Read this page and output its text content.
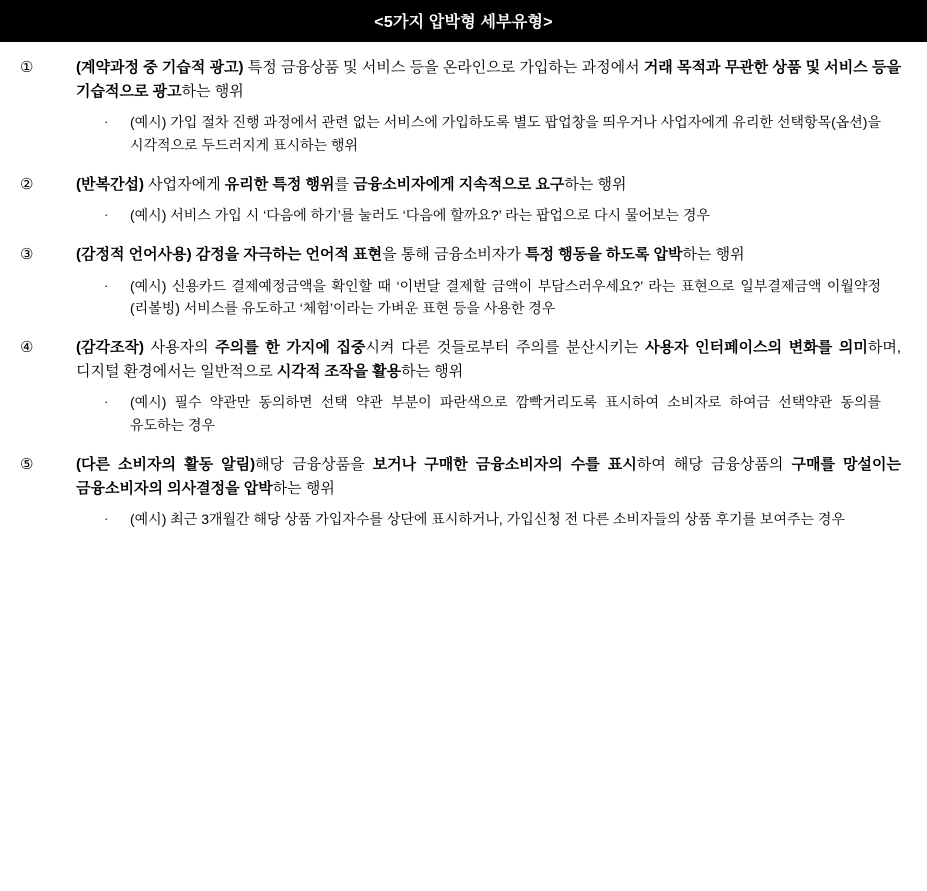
<5가지 압박형 세부유형>
①	(계약과정 중 기습적 광고) 특정 금융상품 및 서비스 등을 온라인으로 가입하는 과정에서 거래 목적과 무관한 상품 및 서비스 등을 기습적으로 광고하는 행위
·	(예시) 가입 절차 진행 과정에서 관련 없는 서비스에 가입하도록 별도 팝업창을 띄우거나 사업자에게 유리한 선택항목(옵션)을 시각적으로 두드러지게 표시하는 행위
②	(반복간섭) 사업자에게 유리한 특정 행위를 금융소비자에게 지속적으로 요구하는 행위
·	(예시) 서비스 가입 시 ‘다음에 하기’를 눌러도 ‘다음에 할까요?’ 라는 팝업으로 다시 물어보는 경우
③	(감정적 언어사용) 감정을 자극하는 언어적 표현을 통해 금융소비자가 특정 행동을 하도록 압박하는 행위
·	(예시) 신용카드 결제예정금액을 확인할 때 ‘이번달 결제할 금액이 부담스러우세요?’ 라는 표현으로 일부결제금액 이월약정(리볼빙) 서비스를 유도하고 ‘체험’이라는 가벼운 표현 등을 사용한 경우
④	(감각조작) 사용자의 주의를 한 가지에 집중시켜 다른 것들로부터 주의를 분산시키는 사용자 인터페이스의 변화를 의미하며, 디지털 환경에서는 일반적으로 시각적 조작을 활용하는 행위
·	(예시) 필수 약관만 동의하면 선택 약관 부분이 파란색으로 깜빡거리도록 표시하여 소비자로 하여금 선택약관 동의를 유도하는 경우
⑤	(다른 소비자의 활동 알림)해당 금융상품을 보거나 구매한 금융소비자의 수를 표시하여 해당 금융상품의 구매를 망설이는 금융소비자의 의사결정을 압박하는 행위
·	(예시) 최근 3개월간 해당 상품 가입자수를 상단에 표시하거나, 가입신청 전 다른 소비자들의 상품 후기를 보여주는 경우
